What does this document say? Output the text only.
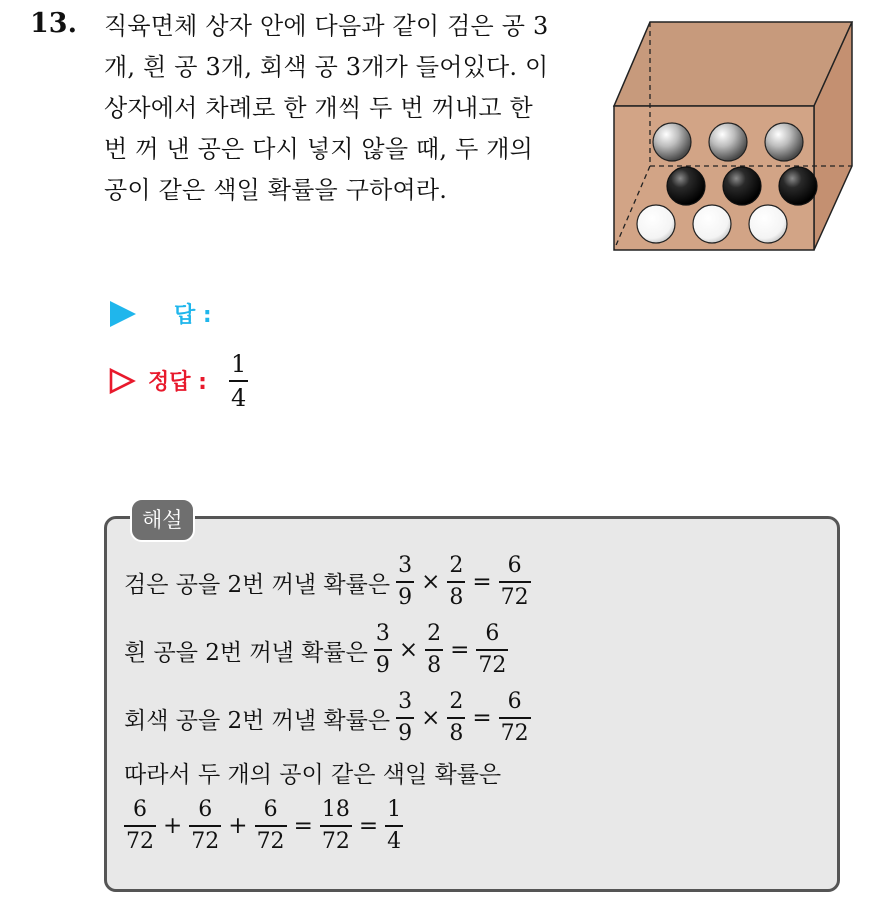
13. 직육면체 상자 안에 다음과 같이 검은 공 3
개, 흰 공 3개, 회색 공 3개가 들어있다. 이
상자에서 차례로 한 개씩 두 번 꺼내고 한
번 꺼 낸 공은 다시 넣지 않을 때, 두 개의
공이 같은 색일 확률을 구하여라.
답 :
정답 : $\frac{1}{4}$
해설
검은 공을 2번 꺼낼 확률은 $\frac{3}{9} \times \frac{2}{8} = \frac{6}{72}$
흰 공을 2번 꺼낼 확률은 $\frac{3}{9} \times \frac{2}{8} = \frac{6}{72}$
회색 공을 2번 꺼낼 확률은 $\frac{3}{9} \times \frac{2}{8} = \frac{6}{72}$
따라서 두 개의 공이 같은 색일 확률은
$\frac{6}{72} + \frac{6}{72} + \frac{6}{72} = \frac{18}{72} = \frac{1}{4}$
